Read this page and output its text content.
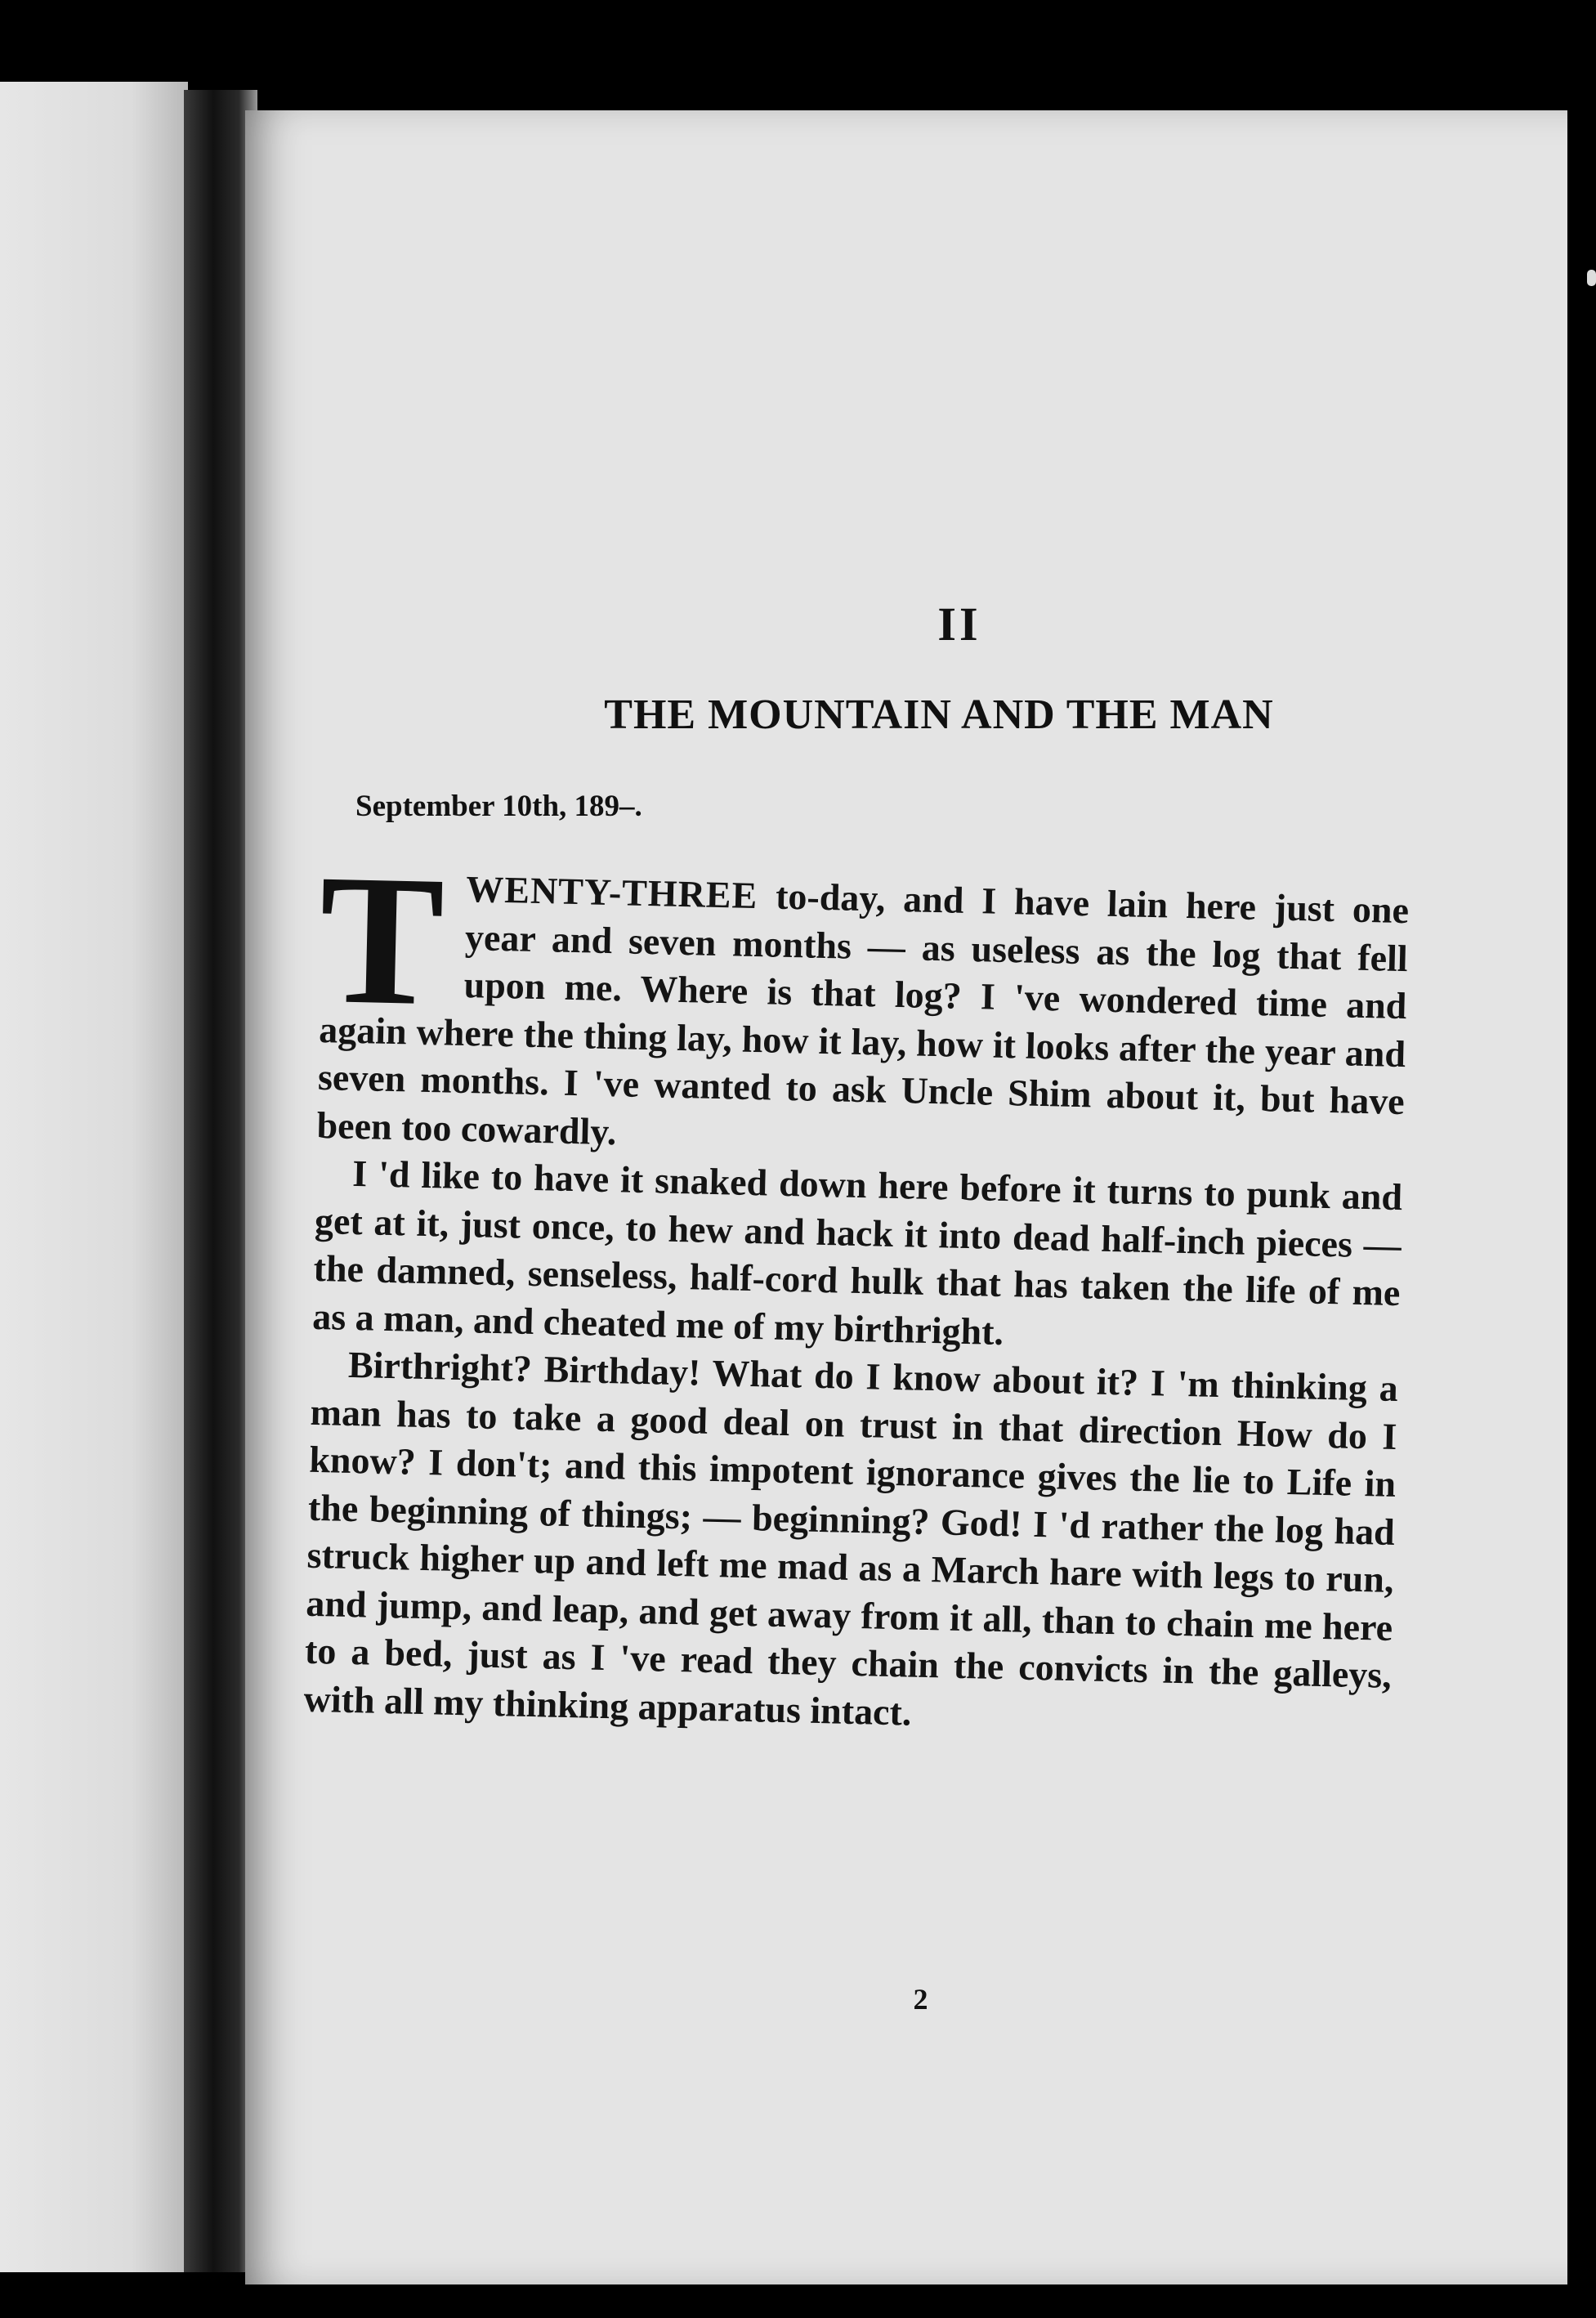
II
THE MOUNTAIN AND THE MAN
September 10th, 189–.

TWENTY-THREE to-day, and I have lain here just one year and seven months — as useless as the log that fell upon me. Where is that log? I 've wondered time and again where the thing lay, how it lay, how it looks after the year and seven months. I 've wanted to ask Uncle Shim about it, but have been too cowardly.

I 'd like to have it snaked down here before it turns to punk and get at it, just once, to hew and hack it into dead half-inch pieces — the damned, senseless, half-cord hulk that has taken the life of me as a man, and cheated me of my birthright.

Birthright? Birthday! What do I know about it? I 'm thinking a man has to take a good deal on trust in that direction How do I know? I don't; and this impotent ignorance gives the lie to Life in the beginning of things; — beginning? God! I 'd rather the log had struck higher up and left me mad as a March hare with legs to run, and jump, and leap, and get away from it all, than to chain me here to a bed, just as I 've read they chain the convicts in the galleys, with all my thinking apparatus intact.

2
